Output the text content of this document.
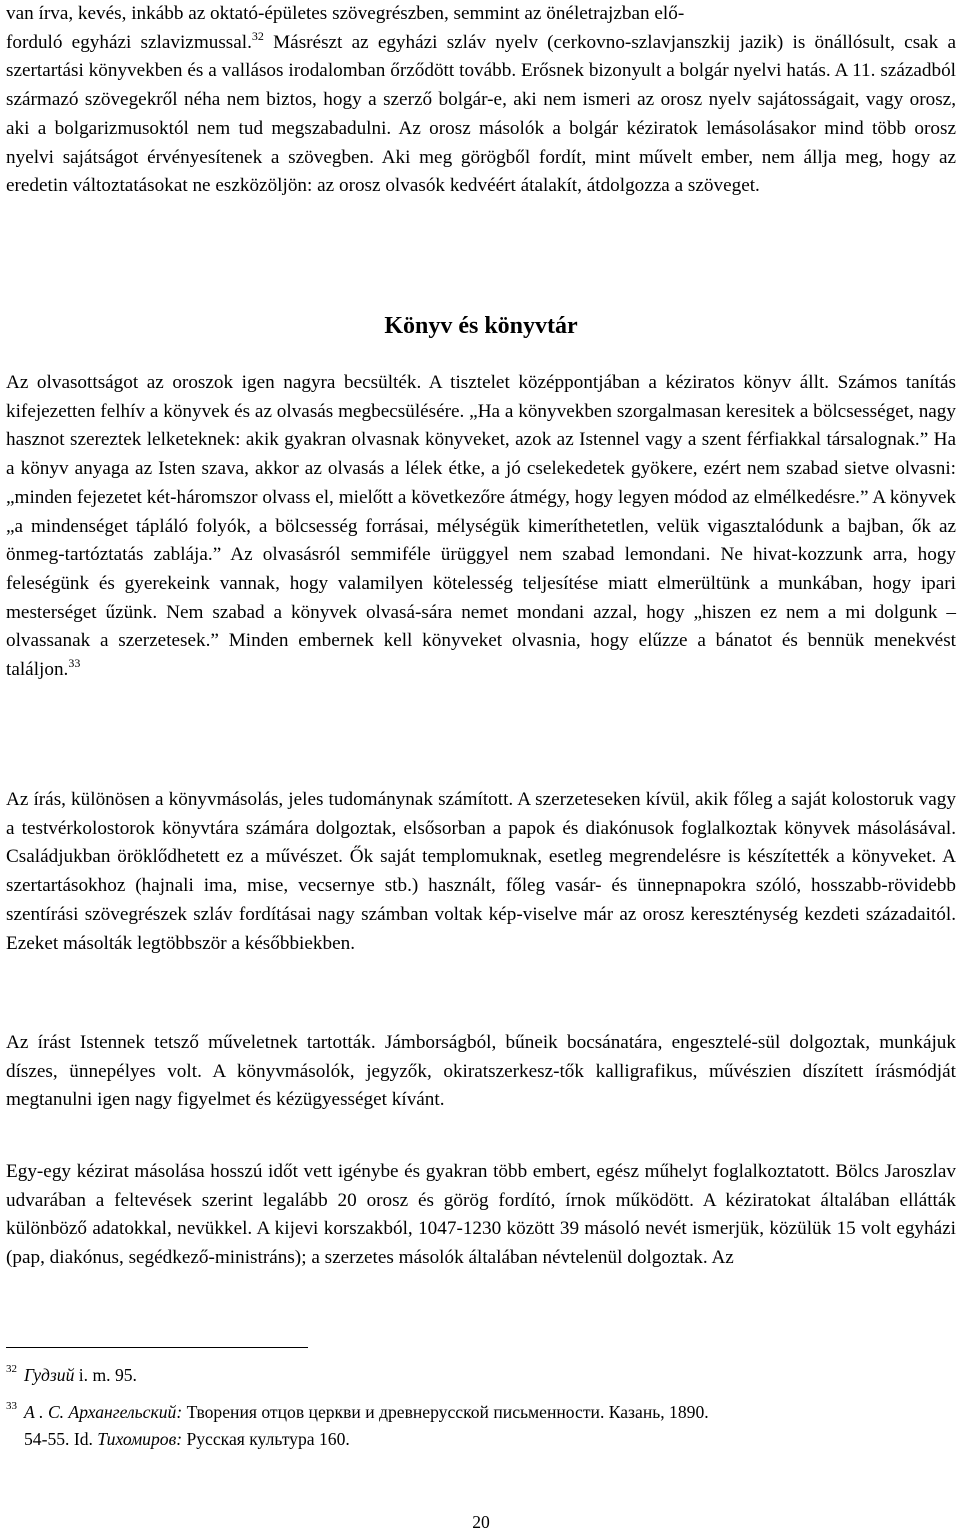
van írva, kevés, inkább az oktató-épületes szövegrészben, semmint az önéletrajzban elő-
forduló egyházi szlavizmussal.$^{32}$ Másrészt az egyházi szláv nyelv (cerkovno-szlavjanszkij jazik) is önállósult, csak a szertartási könyvekben és a vallásos irodalomban őrződött tovább. Erősnek bizonyult a bolgár nyelvi hatás. A 11. századból származó szövegekről néha nem biztos, hogy a szerző bolgár-e, aki nem ismeri az orosz nyelv sajátosságait, vagy orosz, aki a bolgarizmusoktól nem tud megszabadulni. Az orosz másolók a bolgár kéziratok lemásolásakor mind több orosz nyelvi sajátságot érvényesítenek a szövegben. Aki meg görögből fordít, mint művelt ember, nem állja meg, hogy az eredetin változtatásokat ne eszközöljön: az orosz olvasók kedvéért átalakít, átdolgozza a szöveget.

Könyv és könyvtár

Az olvasottságot az oroszok igen nagyra becsülték. A tisztelet középpontjában a kéziratos könyv állt. Számos tanítás kifejezetten felhív a könyvek és az olvasás megbecsülésére. „Ha a könyvekben szorgalmasan keresitek a bölcsességet, nagy hasznot szereztek lelketeknek: akik gyakran olvasnak könyveket, azok az Istennel vagy a szent férfiakkal társalognak.” Ha a könyv anyaga az Isten szava, akkor az olvasás a lélek étke, a jó cselekedetek gyökere, ezért nem szabad sietve olvasni: „minden fejezetet két-háromszor olvass el, mielőtt a következőre átmégy, hogy legyen módod az elmélkedésre.” A könyvek „a mindenséget tápláló folyók, a bölcsesség forrásai, mélységük kimeríthetetlen, velük vigasztalódunk a bajban, ők az önmeg-tartóztatás zablája.” Az olvasásról semmiféle ürüggyel nem szabad lemondani. Ne hivat-kozzunk arra, hogy feleségünk és gyerekeink vannak, hogy valamilyen kötelesség teljesítése miatt elmerültünk a munkában, hogy ipari mesterséget űzünk. Nem szabad a könyvek olvasá-sára nemet mondani azzal, hogy „hiszen ez nem a mi dolgunk – olvassanak a szerzetesek.” Minden embernek kell könyveket olvasnia, hogy elűzze a bánatot és bennük menekvést találjon.$^{33}$

Az írás, különösen a könyvmásolás, jeles tudománynak számított. A szerzeteseken kívül, akik főleg a saját kolostoruk vagy a testvérkolostorok könyvtára számára dolgoztak, elsősorban a papok és diakónusok foglalkoztak könyvek másolásával. Családjukban öröklődhetett ez a művészet. Ők saját templomuknak, esetleg megrendelésre is készítették a könyveket. A szertartásokhoz (hajnali ima, mise, vecsernye stb.) használt, főleg vasár- és ünnepnapokra szóló, hosszabb-rövidebb szentírási szövegrészek szláv fordításai nagy számban voltak kép-viselve már az orosz kereszténység kezdeti századaitól. Ezeket másolták legtöbbször a későbbiekben.

Az írást Istennek tetsző műveletnek tartották. Jámborságból, bűneik bocsánatára, engesztelé-sül dolgoztak, munkájuk díszes, ünnepélyes volt. A könyvmásolók, jegyzők, okiratszerkesz-tők kalligrafikus, művészien díszített írásmódját megtanulni igen nagy figyelmet és kézügyességet kívánt.

Egy-egy kézirat másolása hosszú időt vett igénybe és gyakran több embert, egész műhelyt foglalkoztatott. Bölcs Jaroszlav udvarában a feltevések szerint legalább 20 orosz és görög fordító, írnok működött. A kéziratokat általában ellátták különböző adatokkal, nevükkel. A kijevi korszakból, 1047-1230 között 39 másoló nevét ismerjük, közülük 15 volt egyházi (pap, diakónus, segédkező-ministráns); a szerzetes másolók általában névtelenül dolgoztak. Az

$^{32}$ Гудзий i. m. 95.
$^{33}$ А . С. Архангельский: Творения отцов церкви и древнерусской письменности. Казань, 1890.
54-55. Id. Тихомиров: Русская культура 160.
20
